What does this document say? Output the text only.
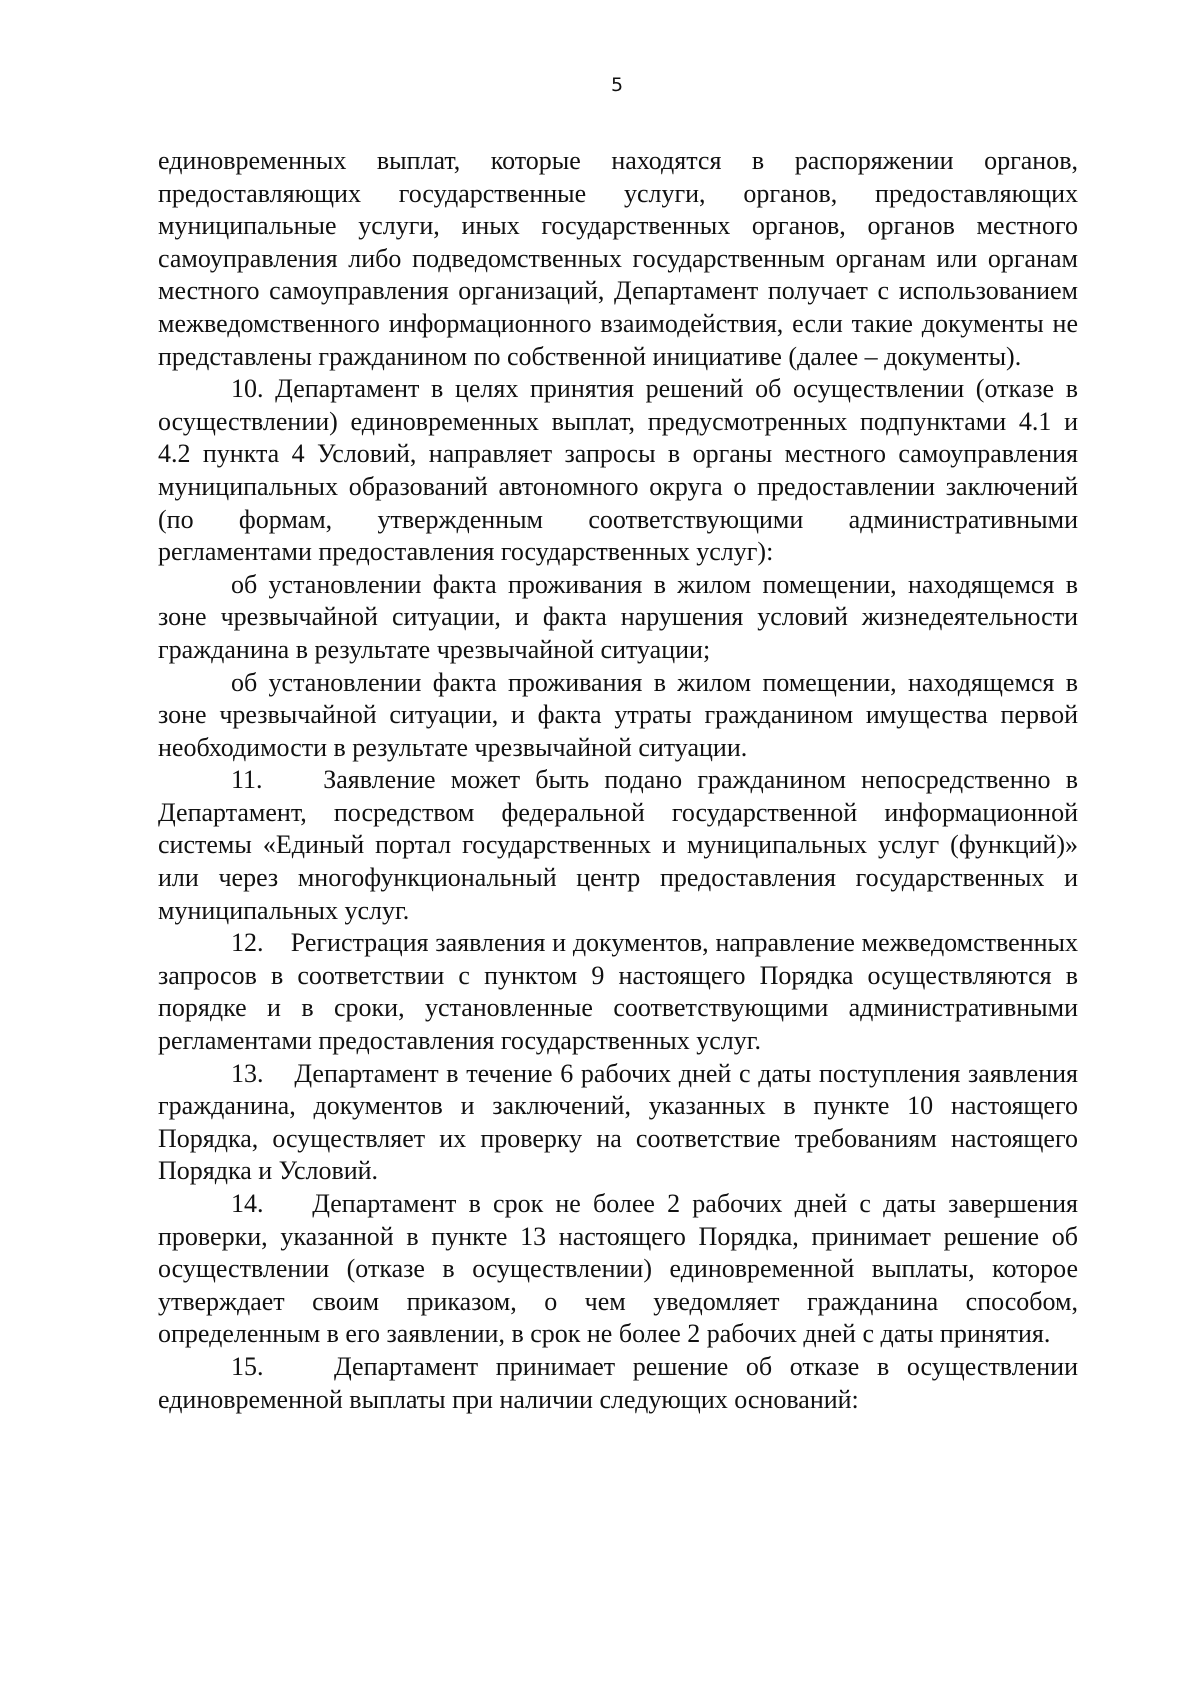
5

единовременных выплат, которые находятся в распоряжении органов, предоставляющих государственные услуги, органов, предоставляющих муниципальные услуги, иных государственных органов, органов местного самоуправления либо подведомственных государственным органам или органам местного самоуправления организаций, Департамент получает с использованием межведомственного информационного взаимодействия, если такие документы не представлены гражданином по собственной инициативе (далее – документы).

10. Департамент в целях принятия решений об осуществлении (отказе в осуществлении) единовременных выплат, предусмотренных подпунктами 4.1 и 4.2 пункта 4 Условий, направляет запросы в органы местного самоуправления муниципальных образований автономного округа о предоставлении заключений (по формам, утвержденным соответствующими административными регламентами предоставления государственных услуг):

об установлении факта проживания в жилом помещении, находящемся в зоне чрезвычайной ситуации, и факта нарушения условий жизнедеятельности гражданина в результате чрезвычайной ситуации;

об установлении факта проживания в жилом помещении, находящемся в зоне чрезвычайной ситуации, и факта утраты гражданином имущества первой необходимости в результате чрезвычайной ситуации.

11.    Заявление может быть подано гражданином непосредственно в Департамент, посредством федеральной государственной информационной системы «Единый портал государственных и муниципальных услуг (функций)» или через многофункциональный центр предоставления государственных и муниципальных услуг.

12.    Регистрация заявления и документов, направление межведомственных запросов в соответствии с пунктом 9 настоящего Порядка осуществляются в порядке и в сроки, установленные соответствующими административными регламентами предоставления государственных услуг.

13.    Департамент в течение 6 рабочих дней с даты поступления заявления гражданина, документов и заключений, указанных в пункте 10 настоящего Порядка, осуществляет их проверку на соответствие требованиям настоящего Порядка и Условий.

14.    Департамент в срок не более 2 рабочих дней с даты завершения проверки, указанной в пункте 13 настоящего Порядка, принимает решение об осуществлении (отказе в осуществлении) единовременной выплаты, которое утверждает своим приказом, о чем уведомляет гражданина способом, определенным в его заявлении, в срок не более 2 рабочих дней с даты принятия.

15.    Департамент принимает решение об отказе в осуществлении единовременной выплаты при наличии следующих оснований:
